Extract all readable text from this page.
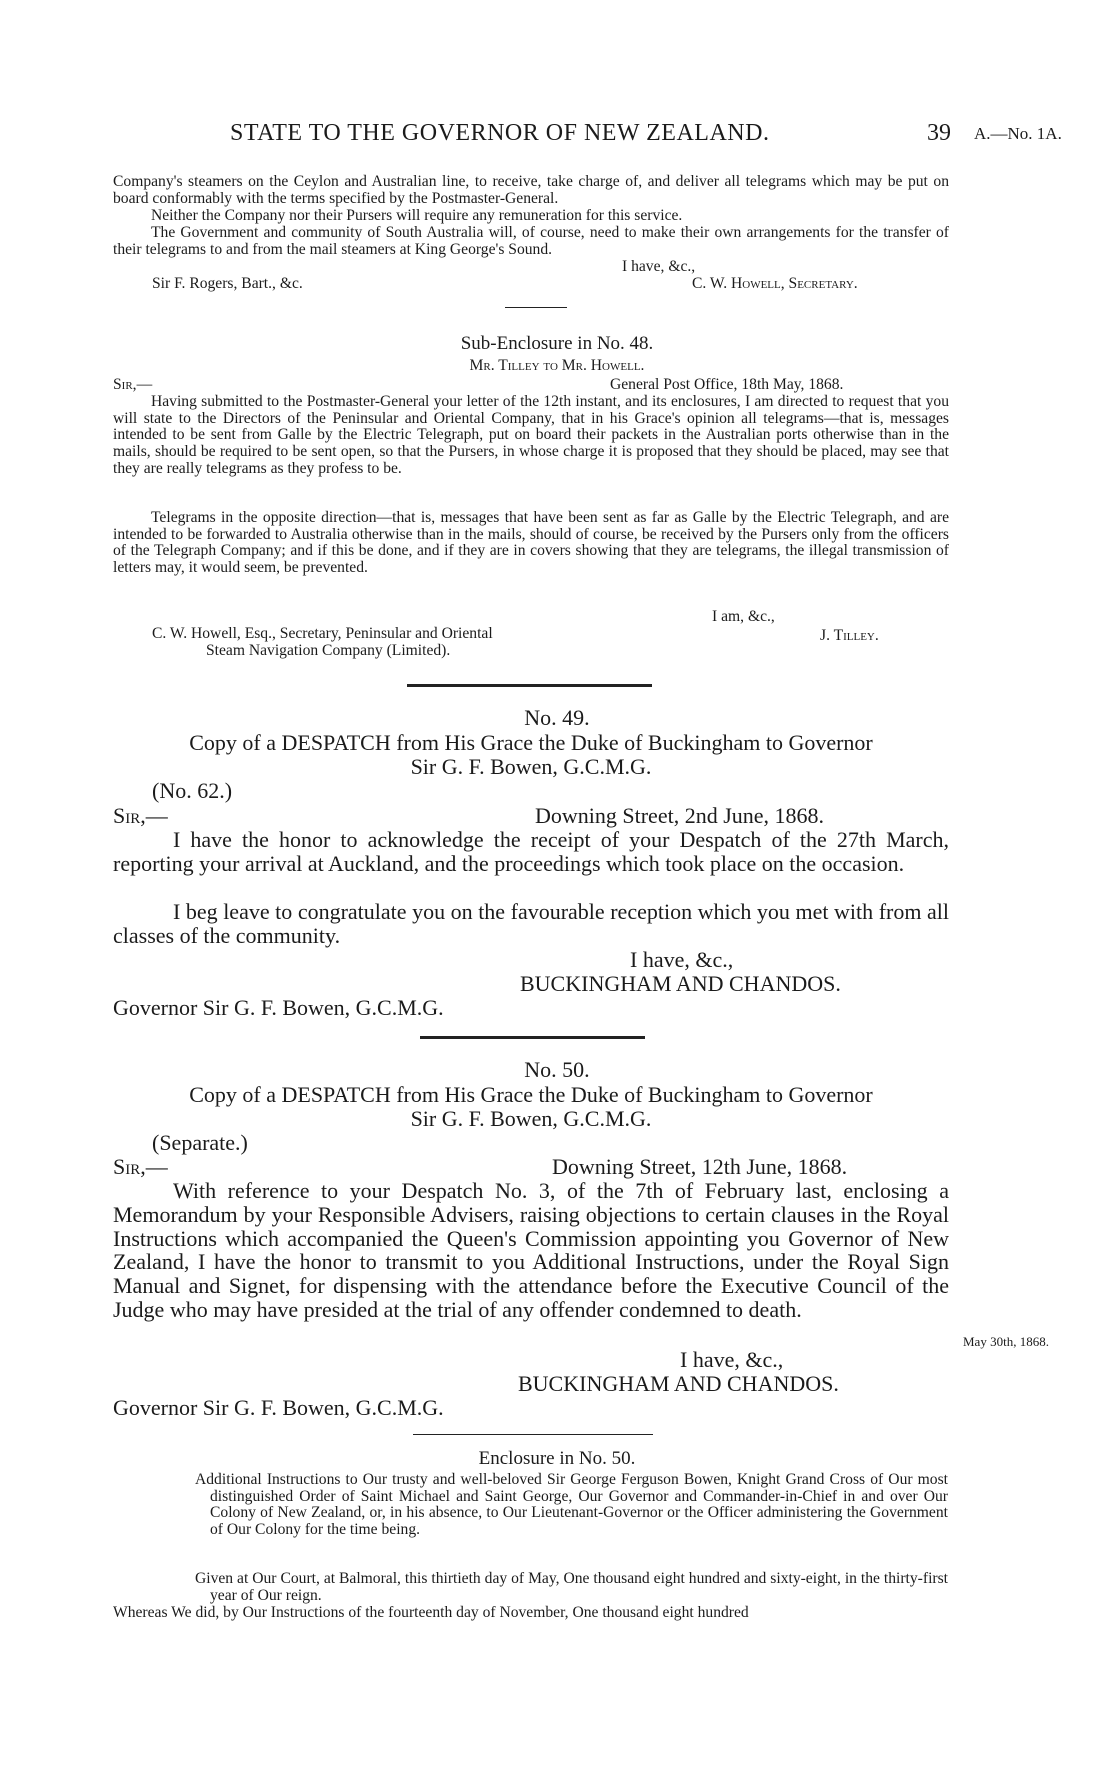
STATE TO THE GOVERNOR OF NEW ZEALAND.	39 A.—No. 1A.

Company's steamers on the Ceylon and Australian line, to receive, take charge of, and deliver all telegrams which may be put on board conformably with the terms specified by the Postmaster-General.

Neither the Company nor their Pursers will require any remuneration for this service.

The Government and community of South Australia will, of course, need to make their own arrangements for the transfer of their telegrams to and from the mail steamers at King George's Sound.

I have, &c.,
Sir F. Rogers, Bart., &c.	C. W. Howell, Secretary.
Sub-Enclosure in No. 48.
Mr. Tilley to Mr. Howell.
Sir,—	General Post Office, 18th May, 1868.

Having submitted to the Postmaster-General your letter of the 12th instant, and its enclosures, I am directed to request that you will state to the Directors of the Peninsular and Oriental Company, that in his Grace's opinion all telegrams—that is, messages intended to be sent from Galle by the Electric Telegraph, put on board their packets in the Australian ports otherwise than in the mails, should be required to be sent open, so that the Pursers, in whose charge it is proposed that they should be placed, may see that they are really telegrams as they profess to be.

Telegrams in the opposite direction—that is, messages that have been sent as far as Galle by the Electric Telegraph, and are intended to be forwarded to Australia otherwise than in the mails, should of course, be received by the Pursers only from the officers of the Telegraph Company; and if this be done, and if they are in covers showing that they are telegrams, the illegal transmission of letters may, it would seem, be prevented.

I am, &c.,
C. W. Howell, Esq., Secretary, Peninsular and Oriental
Steam Navigation Company (Limited).
J. Tilley.
No. 49.
Copy of a DESPATCH from His Grace the Duke of Buckingham to Governor
Sir G. F. Bowen, G.C.M.G.
(No. 62.)
Sir,—	Downing Street, 2nd June, 1868.

I have the honor to acknowledge the receipt of your Despatch of the 27th March, reporting your arrival at Auckland, and the proceedings which took place on the occasion.

I beg leave to congratulate you on the favourable reception which you met with from all classes of the community.

I have, &c.,
BUCKINGHAM AND CHANDOS.
Governor Sir G. F. Bowen, G.C.M.G.
No. 50.
Copy of a DESPATCH from His Grace the Duke of Buckingham to Governor
Sir G. F. Bowen, G.C.M.G.
(Separate.)
Sir,—	Downing Street, 12th June, 1868.

With reference to your Despatch No. 3, of the 7th of February last, enclosing a Memorandum by your Responsible Advisers, raising objections to certain clauses in the Royal Instructions which accompanied the Queen's Commission appointing you Governor of New Zealand, I have the honor to transmit to you Additional Instructions, under the Royal Sign Manual and Signet, for dispensing with the attendance before the Executive Council of the Judge who may have presided at the trial of any offender condemned to death.

May 30th, 1868.
I have, &c.,
BUCKINGHAM AND CHANDOS.
Governor Sir G. F. Bowen, G.C.M.G.
Enclosure in No. 50.

Additional Instructions to Our trusty and well-beloved Sir George Ferguson Bowen, Knight Grand Cross of Our most distinguished Order of Saint Michael and Saint George, Our Governor and Commander-in-Chief in and over Our Colony of New Zealand, or, in his absence, to Our Lieutenant-Governor or the Officer administering the Government of Our Colony for the time being.

Given at Our Court, at Balmoral, this thirtieth day of May, One thousand eight hundred and sixty-eight, in the thirty-first year of Our reign.

Whereas We did, by Our Instructions of the fourteenth day of November, One thousand eight hundred
